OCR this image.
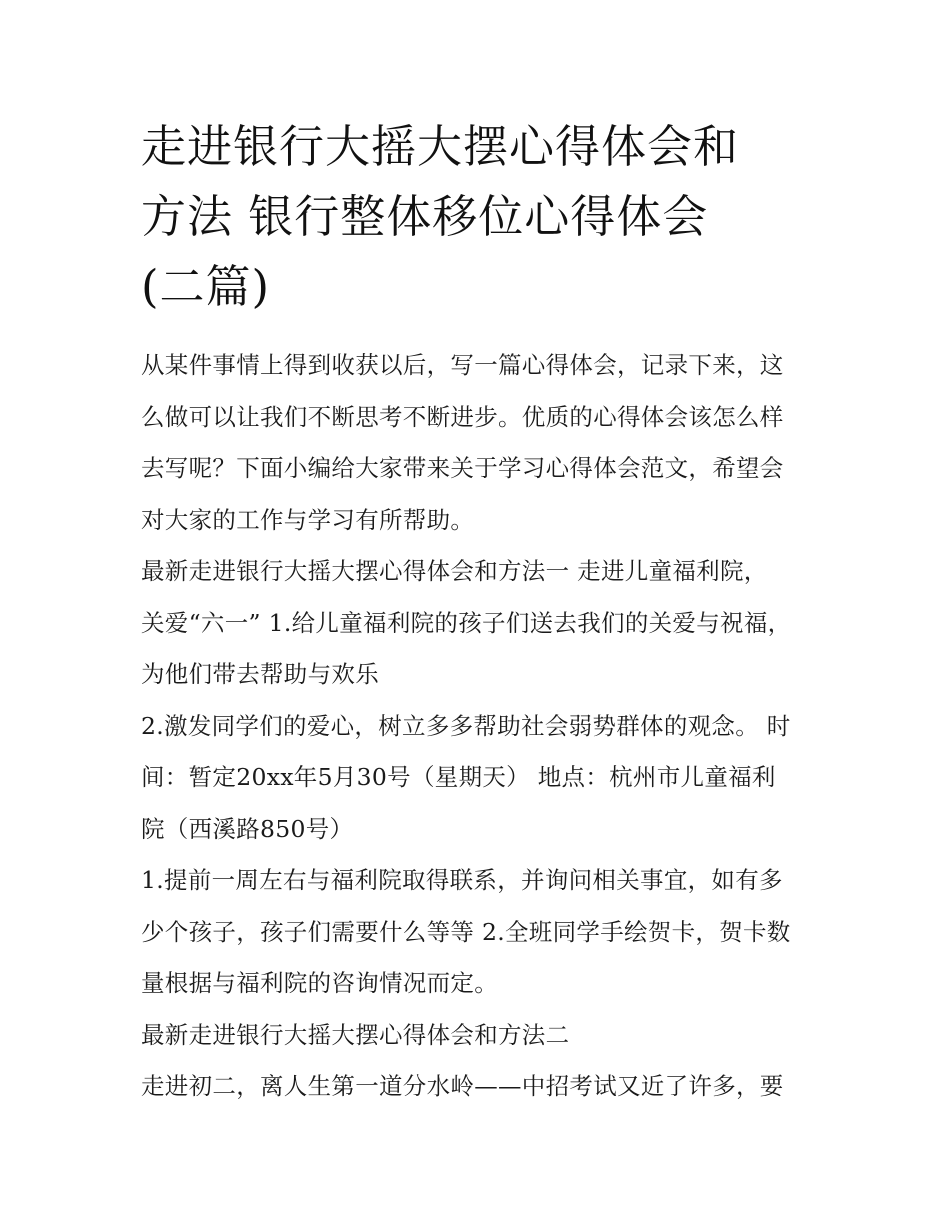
走进银行大摇大摆心得体会和
方法 银行整体移位心得体会
(二篇)

从某件事情上得到收获以后，写一篇心得体会，记录下来，这
么做可以让我们不断思考不断进步。优质的心得体会该怎么样
去写呢？下面小编给大家带来关于学习心得体会范文，希望会
对大家的工作与学习有所帮助。

最新走进银行大摇大摆心得体会和方法一 走进儿童福利院，
关爱“六一” 1.给儿童福利院的孩子们送去我们的关爱与祝福，
为他们带去帮助与欢乐

2.激发同学们的爱心，树立多多帮助社会弱势群体的观念。 时
间：暂定20xx年5月30号（星期天） 地点：杭州市儿童福利
院（西溪路850号）

1.提前一周左右与福利院取得联系，并询问相关事宜，如有多
少个孩子，孩子们需要什么等等 2.全班同学手绘贺卡，贺卡数
量根据与福利院的咨询情况而定。

最新走进银行大摇大摆心得体会和方法二

走进初二，离人生第一道分水岭——中招考试又近了许多，要
